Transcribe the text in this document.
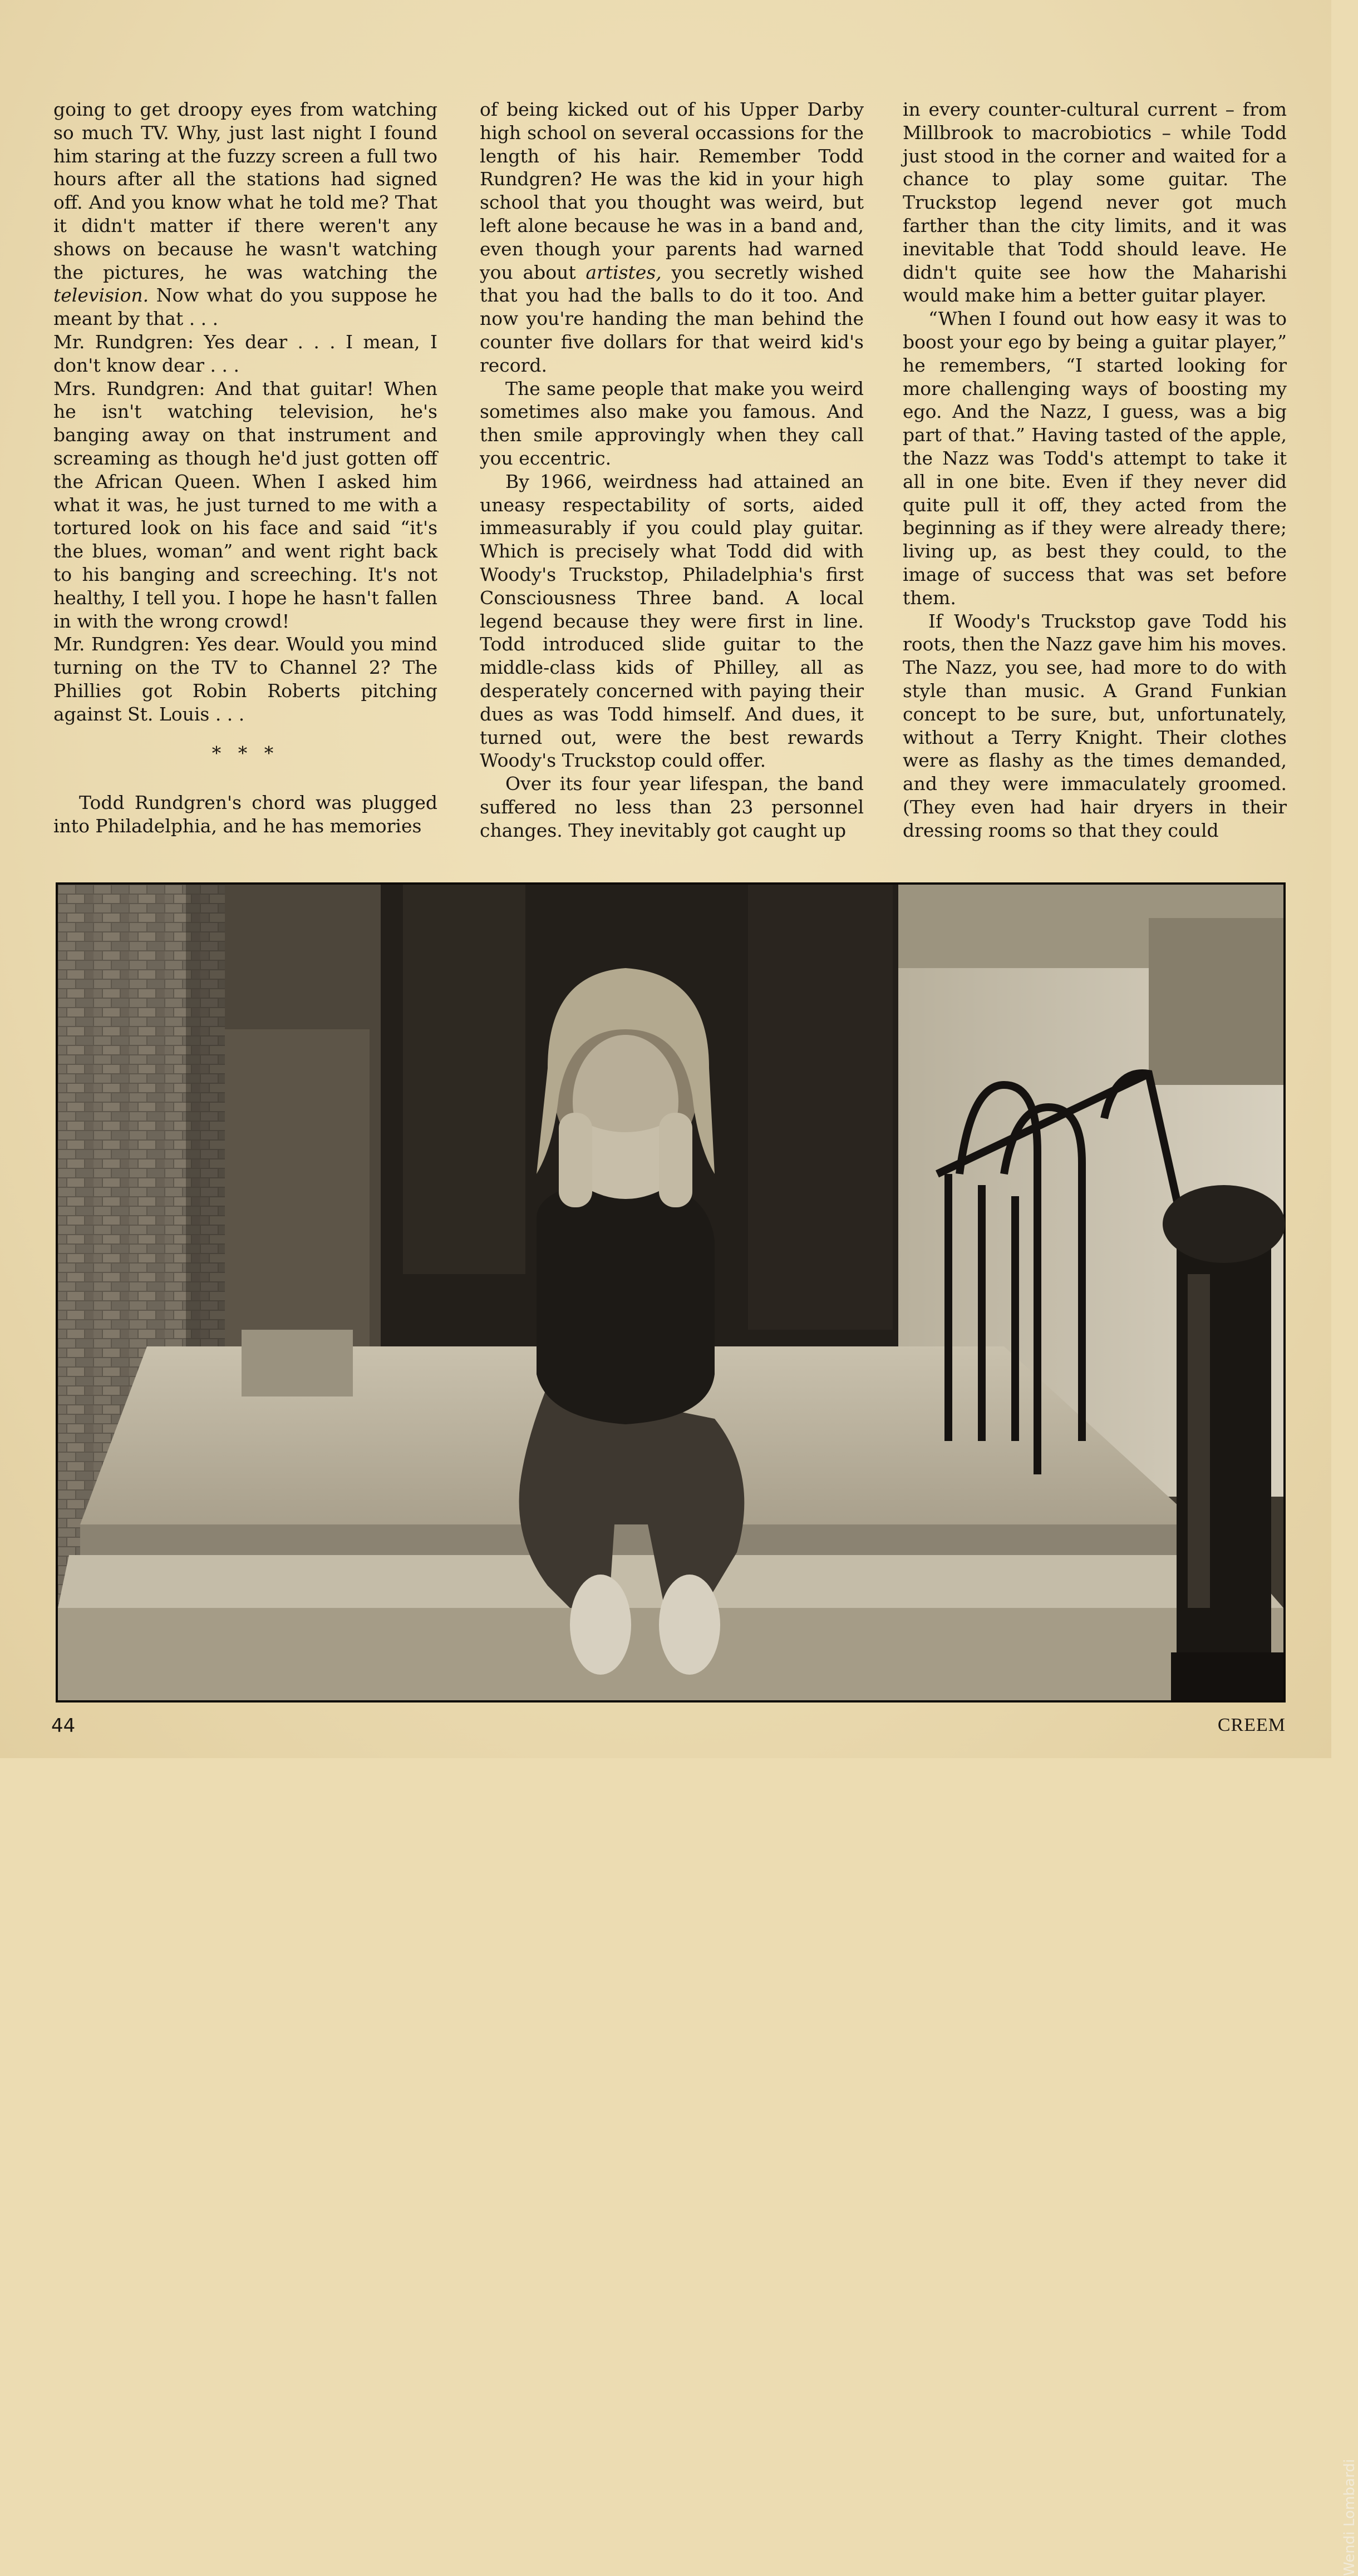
going to get droopy eyes from watching so much TV. Why, just last night I found him staring at the fuzzy screen a full two hours after all the stations had signed off. And you know what he told me? That it didn't matter if there weren't any shows on because he wasn't watching the pictures, he was watching the television. Now what do you suppose he meant by that . . .

Mr. Rundgren: Yes dear . . . I mean, I don't know dear . . .

Mrs. Rundgren: And that guitar! When he isn't watching television, he's banging away on that instrument and screaming as though he'd just gotten off the African Queen. When I asked him what it was, he just turned to me with a tortured look on his face and said “it's the blues, woman” and went right back to his banging and screeching. It's not healthy, I tell you. I hope he hasn't fallen in with the wrong crowd!

Mr. Rundgren: Yes dear. Would you mind turning on the TV to Channel 2? The Phillies got Robin Roberts pitching against St. Louis . . .

* * *

Todd Rundgren's chord was plugged into Philadelphia, and he has memories

of being kicked out of his Upper Darby high school on several occassions for the length of his hair. Remember Todd Rundgren? He was the kid in your high school that you thought was weird, but left alone because he was in a band and, even though your parents had warned you about artistes, you secretly wished that you had the balls to do it too. And now you're handing the man behind the counter five dollars for that weird kid's record.

The same people that make you weird sometimes also make you famous. And then smile approvingly when they call you eccentric.

By 1966, weirdness had attained an uneasy respectability of sorts, aided immeasurably if you could play guitar. Which is precisely what Todd did with Woody's Truckstop, Philadelphia's first Consciousness Three band. A local legend because they were first in line. Todd introduced slide guitar to the middle-class kids of Philley, all as desperately concerned with paying their dues as was Todd himself. And dues, it turned out, were the best rewards Woody's Truckstop could offer.

Over its four year lifespan, the band suffered no less than 23 personnel changes. They inevitably got caught up

in every counter-cultural current – from Millbrook to macrobiotics – while Todd just stood in the corner and waited for a chance to play some guitar. The Truckstop legend never got much farther than the city limits, and it was inevitable that Todd should leave. He didn't quite see how the Maharishi would make him a better guitar player.

“When I found out how easy it was to boost your ego by being a guitar player,” he remembers, “I started looking for more challenging ways of boosting my ego. And the Nazz, I guess, was a big part of that.” Having tasted of the apple, the Nazz was Todd's attempt to take it all in one bite. Even if they never did quite pull it off, they acted from the beginning as if they were already there; living up, as best they could, to the image of success that was set before them.

If Woody's Truckstop gave Todd his roots, then the Nazz gave him his moves. The Nazz, you see, had more to do with style than music. A Grand Funkian concept to be sure, but, unfortunately, without a Terry Knight. Their clothes were as flashy as the times demanded, and they were immaculately groomed. (They even had hair dryers in their dressing rooms so that they could

Wendi Lombardi
44	CREEM
